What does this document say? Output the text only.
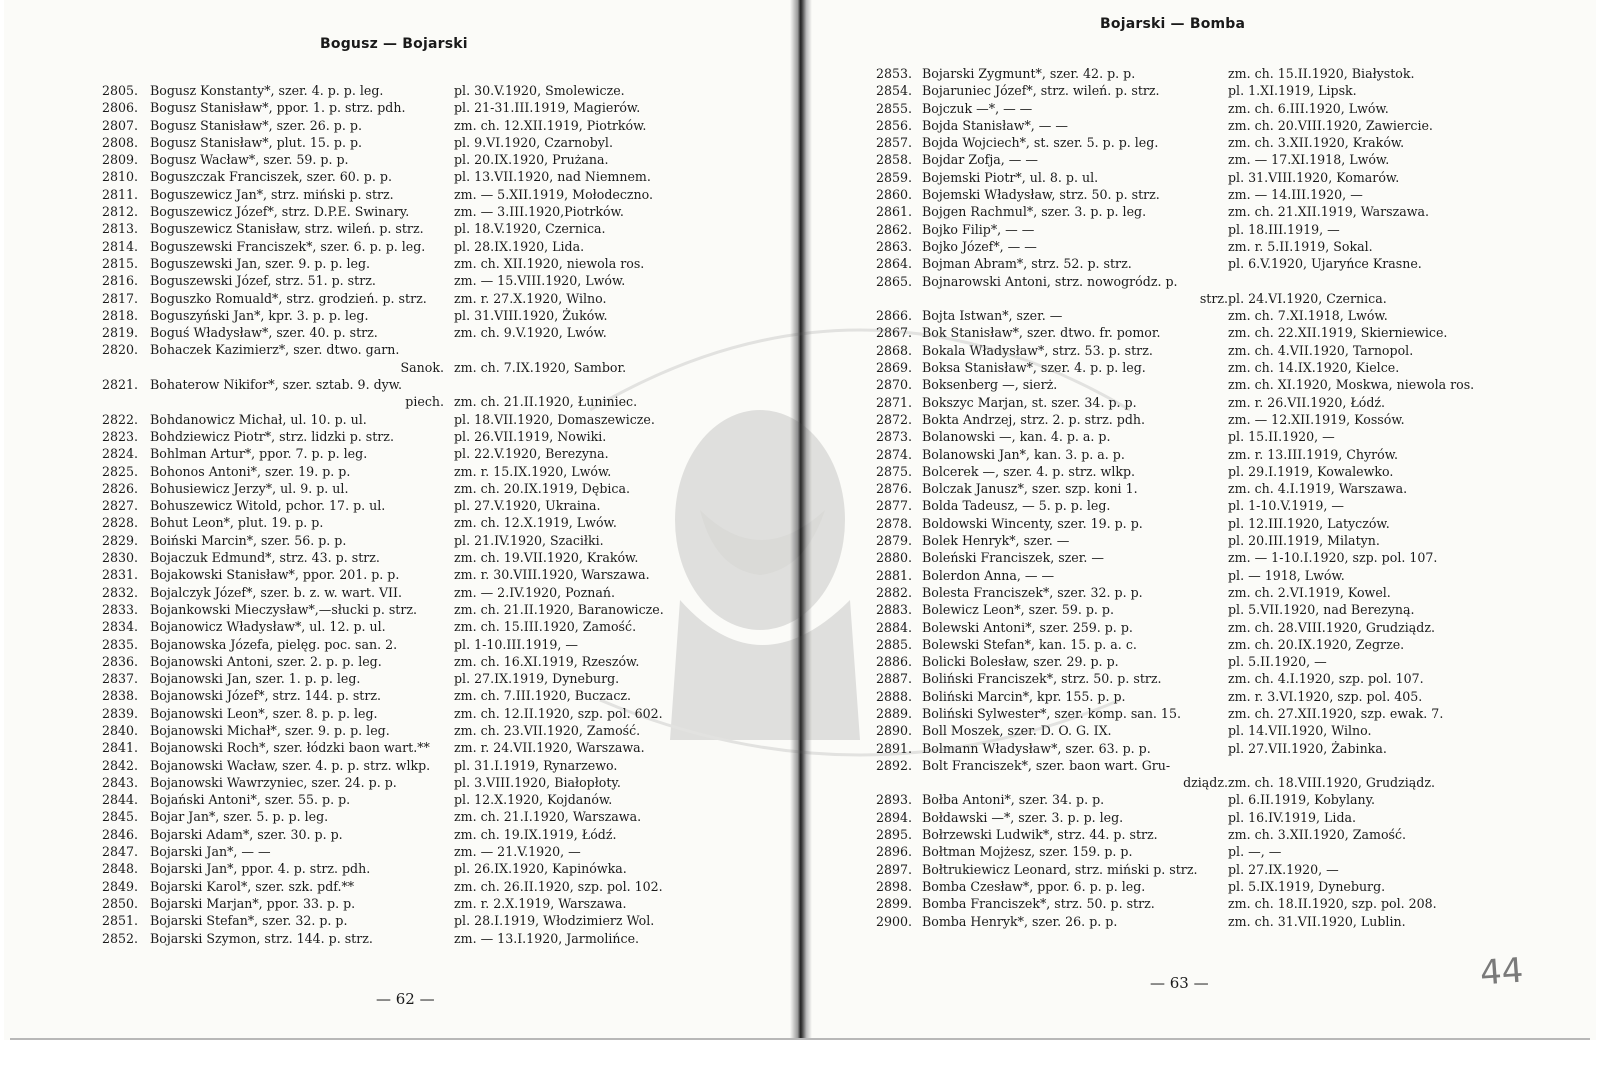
Bogusz — Bojarski
2805. Bogusz Konstanty*, szer. 4. p. p. leg.	pl. 30.V.1920, Smolewicze.
2806. Bogusz Stanisław*, ppor. 1. p. strz. pdh.	pl. 21-31.III.1919, Magierów.
2807. Bogusz Stanisław*, szer. 26. p. p.	zm. ch. 12.XII.1919, Piotrków.
2808. Bogusz Stanisław*, plut. 15. p. p.	pl. 9.VI.1920, Czarnobyl.
2809. Bogusz Wacław*, szer. 59. p. p.	pl. 20.IX.1920, Prużana.
2810. Boguszczak Franciszek, szer. 60. p. p.	pl. 13.VII.1920, nad Niemnem.
2811. Boguszewicz Jan*, strz. miński p. strz.	zm. — 5.XII.1919, Mołodeczno.
2812. Boguszewicz Józef*, strz. D.P.E. Swinary.	zm. — 3.III.1920,Piotrków.
2813. Boguszewicz Stanisław, strz. wileń. p. strz. pl. 18.V.1920, Czernica.
2814. Boguszewski Franciszek*, szer. 6. p. p. leg. pl. 28.IX.1920, Lida.
2815. Boguszewski Jan, szer. 9. p. p. leg.	zm. ch. XII.1920, niewola ros.
2816. Boguszewski Józef, strz. 51. p. strz.	zm. — 15.VIII.1920, Lwów.
2817. Boguszko Romuald*, strz. grodzień. p. strz. zm. r. 27.X.1920, Wilno.
2818. Boguszyński Jan*, kpr. 3. p. p. leg.	pl. 31.VIII.1920, Żuków.
2819. Boguś Władysław*, szer. 40. p. strz.	zm. ch. 9.V.1920, Lwów.
2820. Bohaczek Kazimierz*, szer. dtwo. garn.
Sanok. zm. ch. 7.IX.1920, Sambor.
2821. Bohaterow Nikifor*, szer. sztab. 9. dyw.
piech. zm. ch. 21.II.1920, Łuniniec.
2822. Bohdanowicz Michał, ul. 10. p. ul.	pl. 18.VII.1920, Domaszewicze.
2823. Bohdziewicz Piotr*, strz. lidzki p. strz.	pl. 26.VII.1919, Nowiki.
2824. Bohlman Artur*, ppor. 7. p. p. leg.	pl. 22.V.1920, Berezyna.
2825. Bohonos Antoni*, szer. 19. p. p.	zm. r. 15.IX.1920, Lwów.
2826. Bohusiewicz Jerzy*, ul. 9. p. ul.	zm. ch. 20.IX.1919, Dębica.
2827. Bohuszewicz Witold, pchor. 17. p. ul.	pl. 27.V.1920, Ukraina.
2828. Bohut Leon*, plut. 19. p. p.	zm. ch. 12.X.1919, Lwów.
2829. Boiński Marcin*, szer. 56. p. p.	pl. 21.IV.1920, Szaciłki.
2830. Bojaczuk Edmund*, strz. 43. p. strz.	zm. ch. 19.VII.1920, Kraków.
2831. Bojakowski Stanisław*, ppor. 201. p. p.	zm. r. 30.VIII.1920, Warszawa.
2832. Bojalczyk Józef*, szer. b. z. w. wart. VII.	zm. — 2.IV.1920, Poznań.
2833. Bojankowski Mieczysław*,—słucki p. strz.	zm. ch. 21.II.1920, Baranowicze.
2834. Bojanowicz Władysław*, ul. 12. p. ul.	zm. ch. 15.III.1920, Zamość.
2835. Bojanowska Józefa, pielęg. poc. san. 2.	pl. 1-10.III.1919, —
2836. Bojanowski Antoni, szer. 2. p. p. leg.	zm. ch. 16.XI.1919, Rzeszów.
2837. Bojanowski Jan, szer. 1. p. p. leg.	pl. 27.IX.1919, Dyneburg.
2838. Bojanowski Józef*, strz. 144. p. strz.	zm. ch. 7.III.1920, Buczacz.
2839. Bojanowski Leon*, szer. 8. p. p. leg.	zm. ch. 12.II.1920, szp. pol. 602.
2840. Bojanowski Michał*, szer. 9. p. p. leg.	zm. ch. 23.VII.1920, Zamość.
2841. Bojanowski Roch*, szer. łódzki baon wart.** zm. r. 24.VII.1920, Warszawa.
2842. Bojanowski Wacław, szer. 4. p. p. strz. wlkp. pl. 31.I.1919, Rynarzewo.
2843. Bojanowski Wawrzyniec, szer. 24. p. p.	pl. 3.VIII.1920, Białopłoty.
2844. Bojański Antoni*, szer. 55. p. p.	pl. 12.X.1920, Kojdanów.
2845. Bojar Jan*, szer. 5. p. p. leg.	zm. ch. 21.I.1920, Warszawa.
2846. Bojarski Adam*, szer. 30. p. p.	zm. ch. 19.IX.1919, Łódź.
2847. Bojarski Jan*, — —	zm. — 21.V.1920, —
2848. Bojarski Jan*, ppor. 4. p. strz. pdh.	pl. 26.IX.1920, Kapinówka.
2849. Bojarski Karol*, szer. szk. pdf.**	zm. ch. 26.II.1920, szp. pol. 102.
2850. Bojarski Marjan*, ppor. 33. p. p.	zm. r. 2.X.1919, Warszawa.
2851. Bojarski Stefan*, szer. 32. p. p.	pl. 28.I.1919, Włodzimierz Wol.
2852. Bojarski Szymon, strz. 144. p. strz.	zm. — 13.I.1920, Jarmolińce.
— 62 —
Bojarski — Bomba
2853. Bojarski Zygmunt*, szer. 42. p. p.	zm. ch. 15.II.1920, Białystok.
2854. Bojaruniec Józef*, strz. wileń. p. strz.	pl. 1.XI.1919, Lipsk.
2855. Bojczuk —*, — —	zm. ch. 6.III.1920, Lwów.
2856. Bojda Stanisław*, — —	zm. ch. 20.VIII.1920, Zawiercie.
2857. Bojda Wojciech*, st. szer. 5. p. p. leg.	zm. ch. 3.XII.1920, Kraków.
2858. Bojdar Zofja, — —	zm. — 17.XI.1918, Lwów.
2859. Bojemski Piotr*, ul. 8. p. ul.	pl. 31.VIII.1920, Komarów.
2860. Bojemski Władysław, strz. 50. p. strz.	zm. — 14.III.1920, —
2861. Bojgen Rachmul*, szer. 3. p. p. leg.	zm. ch. 21.XII.1919, Warszawa.
2862. Bojko Filip*, — —	pl. 18.III.1919, —
2863. Bojko Józef*, — —	zm. r. 5.II.1919, Sokal.
2864. Bojman Abram*, strz. 52. p. strz.	pl. 6.V.1920, Ujaryńce Krasne.
2865. Bojnarowski Antoni, strz. nowogródz. p.
strz. pl. 24.VI.1920, Czernica.
2866. Bojta Istwan*, szer. —	zm. ch. 7.XI.1918, Lwów.
2867. Bok Stanisław*, szer. dtwo. fr. pomor.	zm. ch. 22.XII.1919, Skierniewice.
2868. Bokala Władysław*, strz. 53. p. strz.	zm. ch. 4.VII.1920, Tarnopol.
2869. Boksa Stanisław*, szer. 4. p. p. leg.	zm. ch. 14.IX.1920, Kielce.
2870. Boksenberg —, sierż.	zm. ch. XI.1920, Moskwa, niewola ros.
2871. Bokszyc Marjan, st. szer. 34. p. p.	zm. r. 26.VII.1920, Łódź.
2872. Bokta Andrzej, strz. 2. p. strz. pdh.	zm. — 12.XII.1919, Kossów.
2873. Bolanowski —, kan. 4. p. a. p.	pl. 15.II.1920, —
2874. Bolanowski Jan*, kan. 3. p. a. p.	zm. r. 13.III.1919, Chyrów.
2875. Bolcerek —, szer. 4. p. strz. wlkp.	pl. 29.I.1919, Kowalewko.
2876. Bolczak Janusz*, szer. szp. koni 1.	zm. ch. 4.I.1919, Warszawa.
2877. Bolda Tadeusz, — 5. p. p. leg.	pl. 1-10.V.1919, —
2878. Boldowski Wincenty, szer. 19. p. p.	pl. 12.III.1920, Latyczów.
2879. Bolek Henryk*, szer. —	pl. 20.III.1919, Milatyn.
2880. Boleński Franciszek, szer. —	zm. — 1-10.I.1920, szp. pol. 107.
2881. Bolerdon Anna, — —	pl. — 1918, Lwów.
2882. Bolesta Franciszek*, szer. 32. p. p.	zm. ch. 2.VI.1919, Kowel.
2883. Bolewicz Leon*, szer. 59. p. p.	pl. 5.VII.1920, nad Berezyną.
2884. Bolewski Antoni*, szer. 259. p. p.	zm. ch. 28.VIII.1920, Grudziądz.
2885. Bolewski Stefan*, kan. 15. p. a. c.	zm. ch. 20.IX.1920, Zegrze.
2886. Bolicki Bolesław, szer. 29. p. p.	pl. 5.II.1920, —
2887. Boliński Franciszek*, strz. 50. p. strz.	zm. ch. 4.I.1920, szp. pol. 107.
2888. Boliński Marcin*, kpr. 155. p. p.	zm. r. 3.VI.1920, szp. pol. 405.
2889. Boliński Sylwester*, szer. komp. san. 15.	zm. ch. 27.XII.1920, szp. ewak. 7.
2890. Boll Moszek, szer. D. O. G. IX.	pl. 14.VII.1920, Wilno.
2891. Bolmann Władysław*, szer. 63. p. p.	pl. 27.VII.1920, Żabinka.
2892. Bolt Franciszek*, szer. baon wart. Gru-
dziądz. zm. ch. 18.VIII.1920, Grudziądz.
2893. Bołba Antoni*, szer. 34. p. p.	pl. 6.II.1919, Kobylany.
2894. Bołdawski —*, szer. 3. p. p. leg.	pl. 16.IV.1919, Lida.
2895. Bołrzewski Ludwik*, strz. 44. p. strz.	zm. ch. 3.XII.1920, Zamość.
2896. Bołtman Mojżesz, szer. 159. p. p.	pl. —, —
2897. Bołtrukiewicz Leonard, strz. miński p. strz. pl. 27.IX.1920, —
2898. Bomba Czesław*, ppor. 6. p. p. leg.	pl. 5.IX.1919, Dyneburg.
2899. Bomba Franciszek*, strz. 50. p. strz.	zm. ch. 18.II.1920, szp. pol. 208.
2900. Bomba Henryk*, szer. 26. p. p.	zm. ch. 31.VII.1920, Lublin.
— 63 —	44
